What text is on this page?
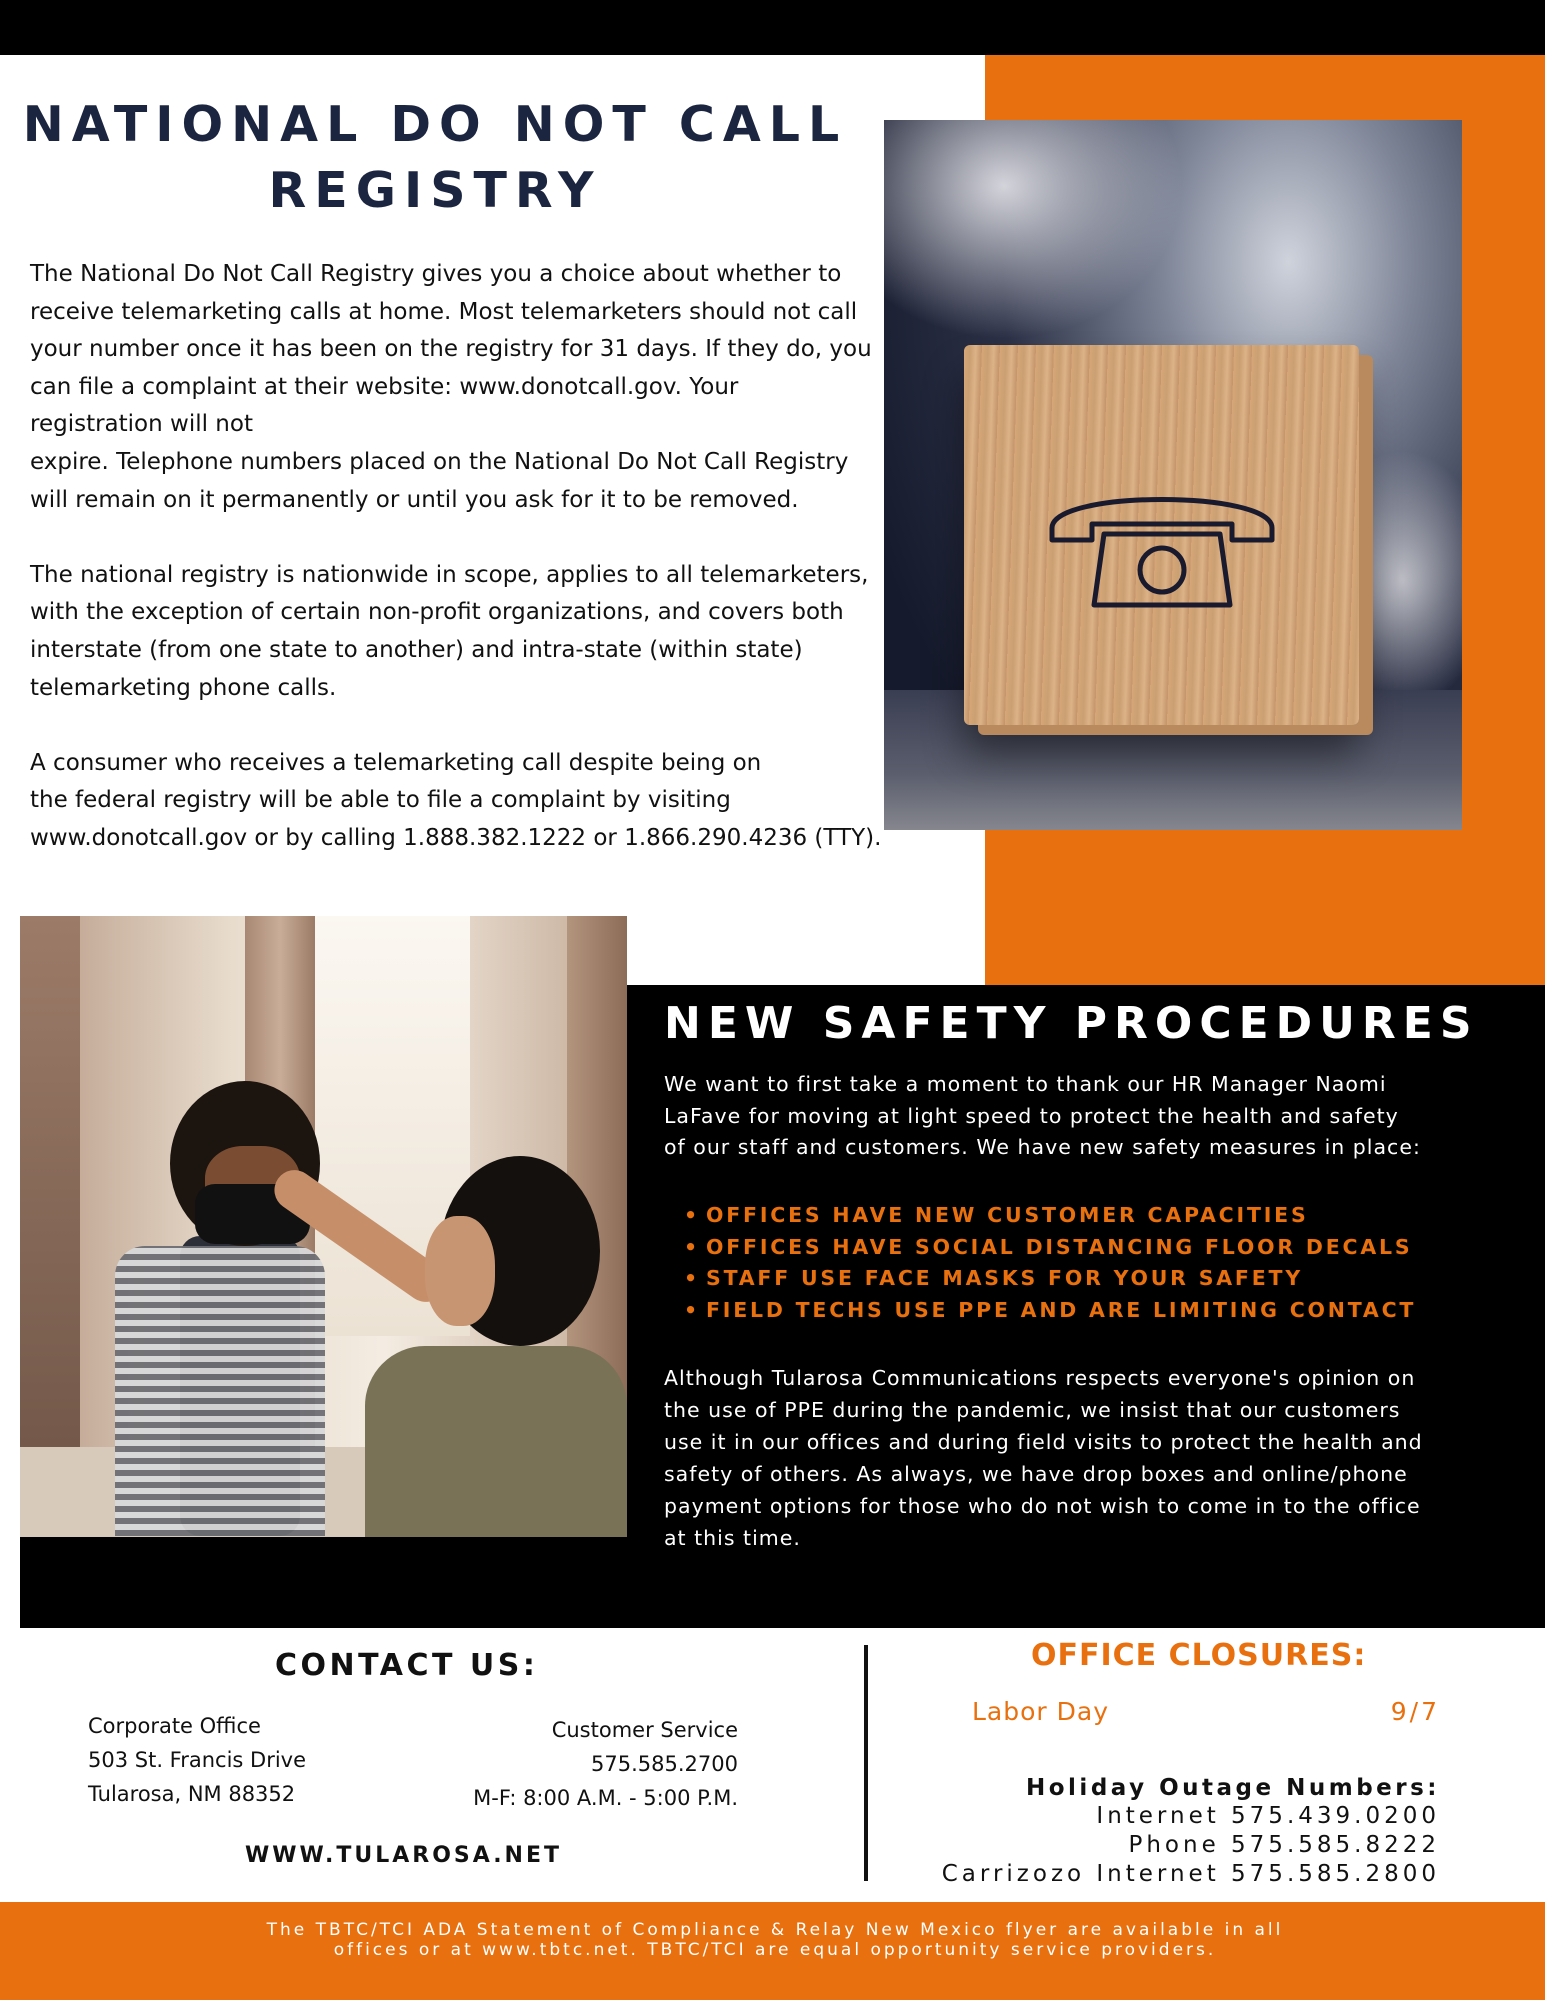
NATIONAL DO NOT CALL
REGISTRY

The National Do Not Call Registry gives you a choice about whether to
receive telemarketing calls at home. Most telemarketers should not call
your number once it has been on the registry for 31 days. If they do, you
can file a complaint at their website: www.donotcall.gov. Your
registration will not
expire. Telephone numbers placed on the National Do Not Call Registry
will remain on it permanently or until you ask for it to be removed.

The national registry is nationwide in scope, applies to all telemarketers,
with the exception of certain non-profit organizations, and covers both
interstate (from one state to another) and intra-state (within state)
telemarketing phone calls.

A consumer who receives a telemarketing call despite being on
the federal registry will be able to file a complaint by visiting
www.donotcall.gov or by calling 1.888.382.1222 or 1.866.290.4236 (TTY).

NEW SAFETY PROCEDURES
We want to first take a moment to thank our HR Manager Naomi
LaFave for moving at light speed to protect the health and safety
of our staff and customers. We have new safety measures in place:
• OFFICES HAVE NEW CUSTOMER CAPACITIES
• OFFICES HAVE SOCIAL DISTANCING FLOOR DECALS
• STAFF USE FACE MASKS FOR YOUR SAFETY
• FIELD TECHS USE PPE AND ARE LIMITING CONTACT
Although Tularosa Communications respects everyone's opinion on
the use of PPE during the pandemic, we insist that our customers
use it in our offices and during field visits to protect the health and
safety of others. As always, we have drop boxes and online/phone
payment options for those who do not wish to come in to the office
at this time.
CONTACT US:
Corporate Office
503 St. Francis Drive
Tularosa, NM 88352
Customer Service
575.585.2700
M-F: 8:00 A.M. - 5:00 P.M.
WWW.TULAROSA.NET
OFFICE CLOSURES:
Labor Day	9/7
Holiday Outage Numbers:
Internet 575.439.0200
Phone 575.585.8222
Carrizozo Internet 575.585.2800
The TBTC/TCI ADA Statement of Compliance & Relay New Mexico flyer are available in all
offices or at www.tbtc.net. TBTC/TCI are equal opportunity service providers.
